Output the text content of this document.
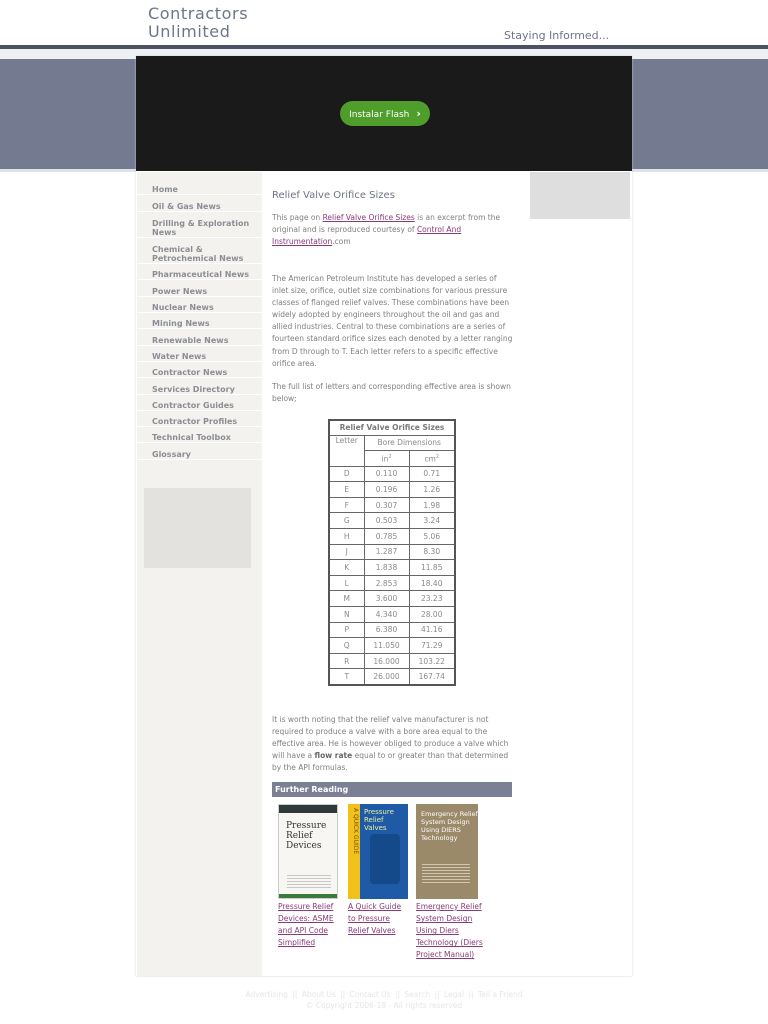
Contractors
Unlimited	Staying Informed...
Instalar Flash ›
Home
Oil & Gas News
Drilling & Exploration News
Chemical & Petrochemical News
Pharmaceutical News
Power News
Nuclear News
Mining News
Renewable News
Water News
Contractor News
Services Directory
Contractor Guides
Contractor Profiles
Technical Toolbox
Glossary
Relief Valve Orifice Sizes
This page on Relief Valve Orifice Sizes is an excerpt from the original and is reproduced courtesy of Control And Instrumentation.com
The American Petroleum Institute has developed a series of inlet size, orifice, outlet size combinations for various pressure classes of flanged relief valves. These combinations have been widely adopted by engineers throughout the oil and gas and allied industries. Central to these combinations are a series of fourteen standard orifice sizes each denoted by a letter ranging from D through to T. Each letter refers to a specific effective orifice area.
The full list of letters and corresponding effective area is shown below;
It is worth noting that the relief valve manufacturer is not required to produce a valve with a bore area equal to the effective area. He is however obliged to produce a valve which will have a flow rate equal to or greater than that determined by the API formulas.
Relief Valve Orifice Sizes		
Letter	Bore Dimensions	
	$in^2$	$cm^2$
D	0.110	0.71
E	0.196	1.26
F	0.307	1.98
G	0.503	3.24
H	0.785	5.06
J	1.287	8.30
K	1.838	11.85
L	2.853	18.40
M	3.600	23.23
N	4.340	28.00
P	6.380	41.16
Q	11.050	71.29
R	16.000	103.22
T	26.000	167.74
Further Reading
Pressure Relief Devices	A QUICK GUIDE Pressure Relief Valves
Emergency Relief System Design Using DIERS Technology
Pressure Relief Devices: ASME and API Code Simplified
A Quick Guide to Pressure Relief Valves
Emergency Relief System Design Using Diers Technology (Diers Project Manual)
Advertising || About Us || Contact Us || Search || Legal || Tell a Friend
© Copyright 2006-18 - All rights reserved
